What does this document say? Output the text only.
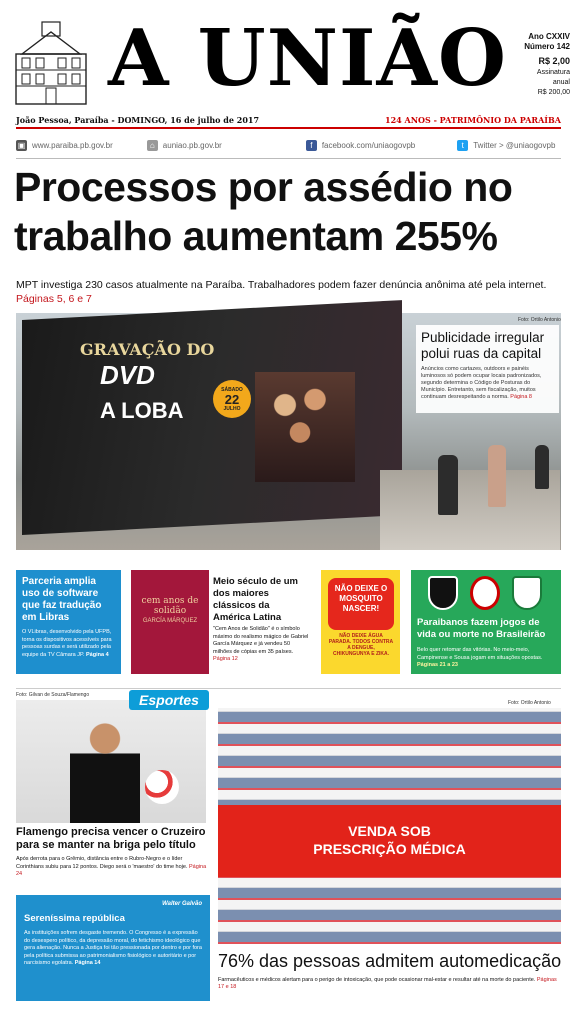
A UNIÃO	Ano CXXIV
Número 142
R$ 2,00
Assinatura anual
R$ 200,00
João Pessoa, Paraíba - DOMINGO, 16 de julho de 2017	124 ANOS - PATRIMÔNIO DA PARAÍBA
▣ www.paraiba.pb.gov.br	⌂	auniao.pb.gov.br	f	facebook.com/uniaogovpb	t	Twitter > @uniaogovpb
Processos por assédio no
trabalho aumentam 255%
MPT investiga 230 casos atualmente na Paraíba. Trabalhadores podem fazer denúncia anônima até pela internet. Páginas 5, 6 e 7
GRAVAÇÃO DO
DVD
A LOBA
SÁBADO
22
JULHO
Foto: Ortilo Antonio
Publicidade irregular polui ruas da capital

Anúncios como cartazes, outdoors e painéis luminosos só podem ocupar locais padronizados, segundo determina o Código de Posturas do Município. Entretanto, sem fiscalização, muitos continuam desrespeitando a norma. Página 8

Parceria amplia uso de software que faz tradução em Libras

O VLibras, desenvolvido pela UFPB, torna os dispositivos acessíveis para pessoas surdas e será utilizado pela equipe da TV Câmara JP. Página 4

cem anos de solidão
GARCÍA MÁRQUEZ
Meio século de um dos maiores clássicos da América Latina
"Cem Anos de Solidão" é o símbolo máximo do realismo mágico de Gabriel García Márquez e já vendeu 50 milhões de cópias em 35 países. Página 12
NÃO DEIXE O MOSQUITO NASCER!
NÃO DEIXE ÁGUA PARADA. TODOS CONTRA A DENGUE, CHIKUNGUNYA E ZIKA.
Paraibanos fazem jogos de vida ou morte no Brasileirão
Belo quer retomar das vitórias. No meio-meio, Campinense e Sousa jogam em situações opostas. Páginas 21 a 23
Foto: Gilvan de Souza/Flamengo	Esportes
Flamengo precisa vencer o Cruzeiro para se manter na briga pelo título
Após derrota para o Grêmio, distância entre o Rubro-Negro e o líder Corinthians subiu para 12 pontos. Diego será o 'maestro' do time hoje. Página 24
Walter Galvão
Sereníssima república

As instituições sofrem desgaste tremendo. O Congresso é a expressão do desespero político, da depressão moral, do fetichismo ideológico que gera alienação. Nunca a Justiça foi tão pressionada por dentro e por fora pela política submissa ao patrimonialismo fisiológico e autoritário e por narcisismo egolatra. Página 14

Foto: Ortilo Antonio
VENDA SOB
PRESCRIÇÃO MÉDICA
76% das pessoas admitem automedicação
Farmacêuticos e médicos alertam para o perigo de intoxicação, que pode ocasionar mal-estar e resultar até na morte do paciente. Páginas 17 e 18
